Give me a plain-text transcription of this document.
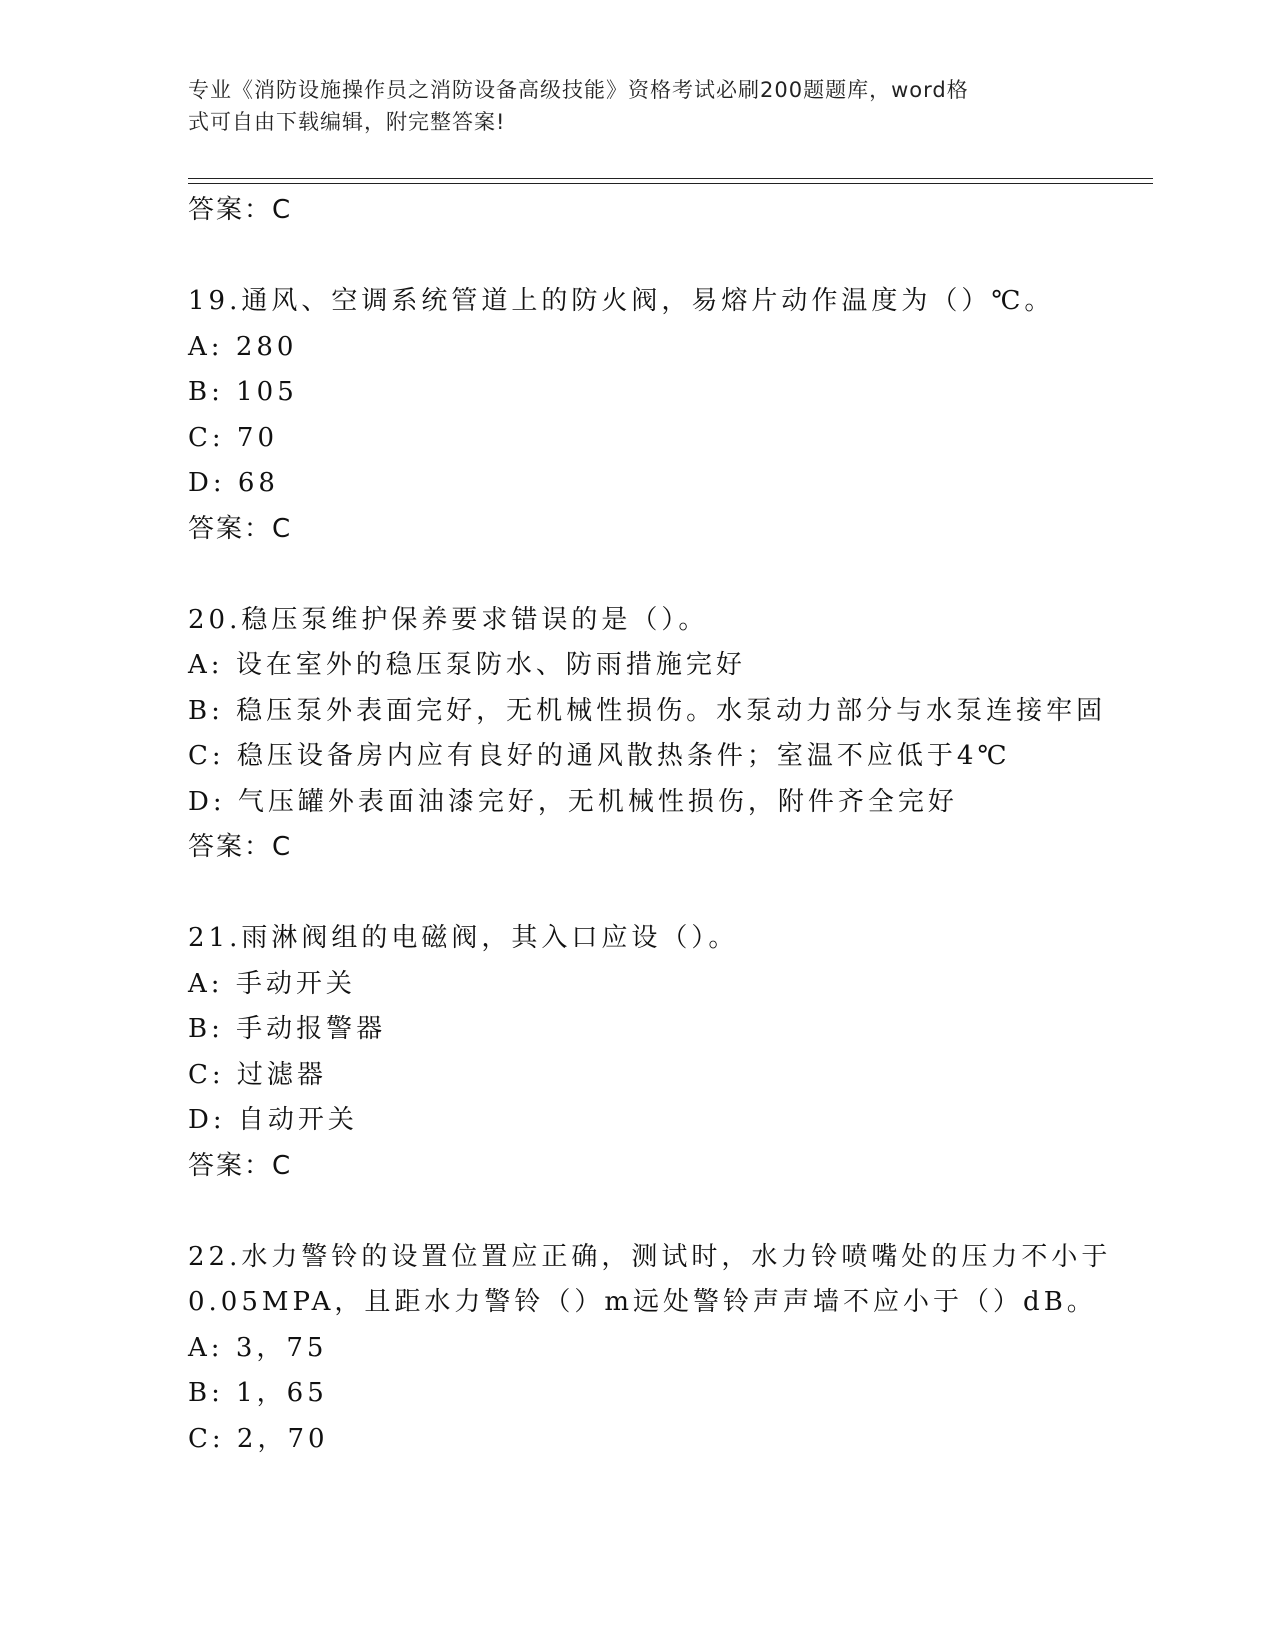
专业《消防设施操作员之消防设备高级技能》资格考试必刷200题题库，word格
式可自由下载编辑，附完整答案!
答案：C
19.通风、空调系统管道上的防火阀，易熔片动作温度为（）℃。
A: 280
B: 105
C: 70
D: 68
答案：C
20.稳压泵维护保养要求错误的是（）。
A: 设在室外的稳压泵防水、防雨措施完好
B: 稳压泵外表面完好，无机械性损伤。水泵动力部分与水泵连接牢固
C: 稳压设备房内应有良好的通风散热条件；室温不应低于4℃
D: 气压罐外表面油漆完好，无机械性损伤，附件齐全完好
答案：C
21.雨淋阀组的电磁阀，其入口应设（）。
A: 手动开关
B: 手动报警器
C: 过滤器
D: 自动开关
答案：C
22.水力警铃的设置位置应正确，测试时，水力铃喷嘴处的压力不小于
0.05MPA，且距水力警铃（）m远处警铃声声墙不应小于（）dB。
A: 3，75
B: 1，65
C: 2，70
